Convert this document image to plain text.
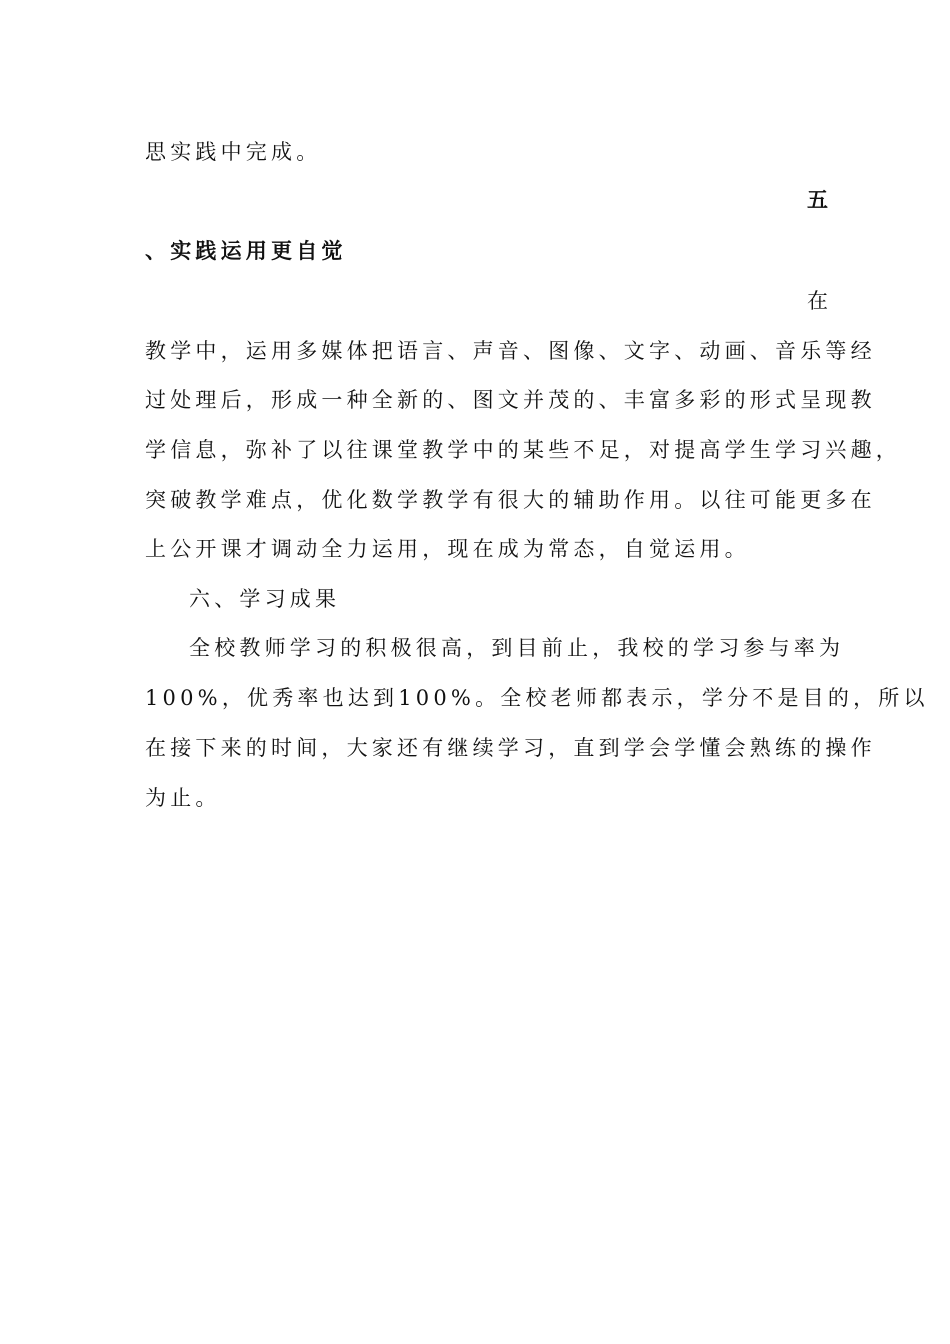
思实践中完成。
五
、实践运用更自觉
在
教学中，运用多媒体把语言、声音、图像、文字、动画、音乐等经
过处理后，形成一种全新的、图文并茂的、丰富多彩的形式呈现教
学信息，弥补了以往课堂教学中的某些不足，对提高学生学习兴趣，
突破教学难点，优化数学教学有很大的辅助作用。以往可能更多在
上公开课才调动全力运用，现在成为常态，自觉运用。
六、学习成果
全校教师学习的积极很高，到目前止，我校的学习参与率为
100%，优秀率也达到100%。全校老师都表示，学分不是目的，所以
在接下来的时间，大家还有继续学习，直到学会学懂会熟练的操作
为止。
